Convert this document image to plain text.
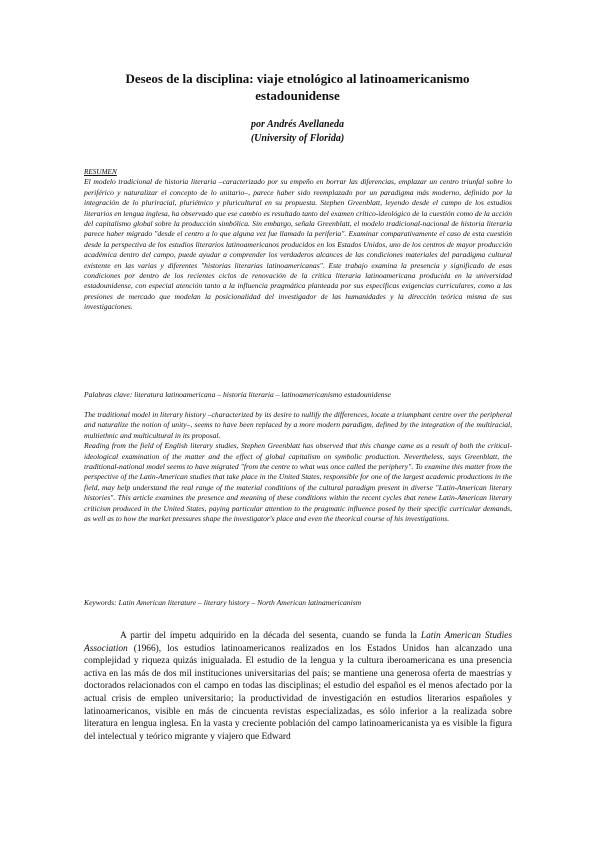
Deseos de la disciplina: viaje etnológico al latinoamericanismo estadounidense
por Andrés Avellaneda
(University of Florida)

RESUMEN

El modelo tradicional de historia literaria –caracterizado por su empeño en borrar las diferencias, emplazar un centro triunfal sobre lo periférico y naturalizar el concepto de lo unitario–, parece haber sido reemplazado por un paradigma más moderno, definido por la integración de lo pluriracial, pluriétnico y pluricultural en su propuesta. Stephen Greenblatt, leyendo desde el campo de los estudios literarios en lengua inglesa, ha observado que ese cambio es resultado tanto del examen crítico-ideológico de la cuestión como de la acción del capitalismo global sobre la producción simbólica. Sin embargo, señala Greenblatt, el modelo tradicional-nacional de historia literaria parece haber migrado "desde el centro a lo que alguna vez fue llamado la periferia". Examinar comparativamente el caso de esta cuestión desde la perspectiva de los estudios literarios latinoamericanos producidos en los Estados Unidos, uno de los centros de mayor producción académica dentro del campo, puede ayudar a comprender los verdaderos alcances de las condiciones materiales del paradigma cultural existente en las varias y diferentes "historias literarias latinoamericanas". Este trabajo examina la presencia y significado de esas condiciones por dentro de los recientes ciclos de renovación de la crítica literaria latinoamericana producida en la universidad estadounidense, con especial atención tanto a la influencia pragmática planteada por sus específicas exigencias curriculares, como a las presiones de mercado que modelan la posicionalidad del investigador de las humanidades y la dirección teórica misma de sus investigaciones.

Palabras clave: literatura latinoamericana – historia literaria – latinoamericanismo estadounidense

The traditional model in literary history –characterized by its desire to nullify the differences, locate a triumphant centre over the peripheral and naturalize the notion of unity–, seems to have been replaced by a more modern paradigm, defined by the integration of the multiracial, multiethnic and multicultural in its proposal.

Reading from the field of English literary studies, Stephen Greenblatt has observed that this change came as a result of both the critical-ideological examination of the matter and the effect of global capitalism on symbolic production. Nevertheless, says Greenblatt, the traditional-national model seems to have migrated "from the centre to what was once called the periphery". To examine this matter from the perspective of the Latin-American studies that take place in the United States, responsible for one of the largest academic productions in the field, may help understand the real range of the material conditions of the cultural paradigm present in diverse "Latin-American literary histories". This article examines the presence and meaning of these conditions within the recent cycles that renew Latin-American literary criticism produced in the United States, paying particular attention to the pragmatic influence posed by their specific curricular demands, as well as to how the market pressures shape the investigator's place and even the theorical course of his investigations.

Keywords: Latin American literature – literary history – North American latinamericanism

A partir del ímpetu adquirido en la década del sesenta, cuando se funda la Latin American Studies Association (1966), los estudios latinoamericanos realizados en los Estados Unidos han alcanzado una complejidad y riqueza quizás inigualada. El estudio de la lengua y la cultura iberoamericana es una presencia activa en las más de dos mil instituciones universitarias del país; se mantiene una generosa oferta de maestrías y doctorados relacionados con el campo en todas las disciplinas; el estudio del español es el menos afectado por la actual crisis de empleo universitario; la productividad de investigación en estudios literarios españoles y latinoamericanos, visible en más de cincuenta revistas especializadas, es sólo inferior a la realizada sobre literatura en lengua inglesa. En la vasta y creciente población del campo latinoamericanista ya es visible la figura del intelectual y teórico migrante y viajero que Edward
